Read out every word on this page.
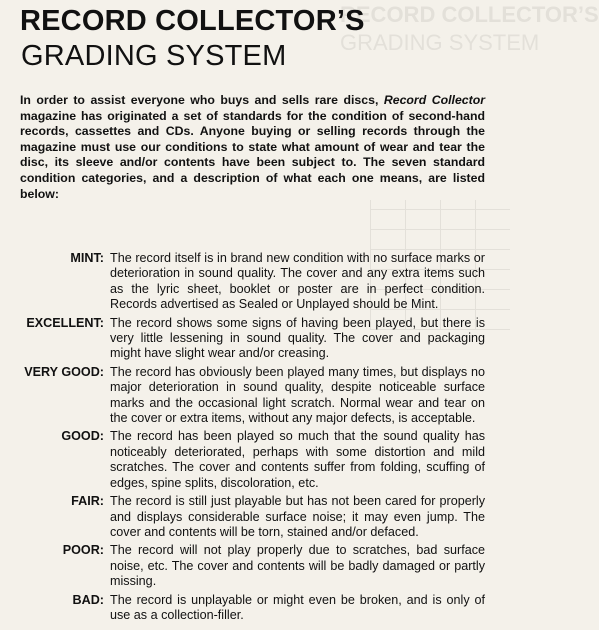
RECORD COLLECTOR’S
GRADING SYSTEM
RECORD COLLECTOR’S
GRADING SYSTEM
In order to assist everyone who buys and sells rare discs, Record Collector magazine has originated a set of standards for the condition of second-hand records, cassettes and CDs. Anyone buying or selling records through the magazine must use our conditions to state what amount of wear and tear the disc, its sleeve and/or contents have been subject to. The seven standard condition categories, and a description of what each one means, are listed below:
MINT: The record itself is in brand new condition with no surface marks or deterioration in sound quality. The cover and any extra items such as the lyric sheet, booklet or poster are in perfect condition. Records advertised as Sealed or Unplayed should be Mint.
EXCELLENT: The record shows some signs of having been played, but there is very little lessening in sound quality. The cover and packaging might have slight wear and/or creasing.
VERY GOOD: The record has obviously been played many times, but displays no major deterioration in sound quality, despite noticeable surface marks and the occasional light scratch. Normal wear and tear on the cover or extra items, without any major defects, is acceptable.
GOOD: The record has been played so much that the sound quality has noticeably deteriorated, perhaps with some distortion and mild scratches. The cover and contents suffer from folding, scuffing of edges, spine splits, discoloration, etc.
FAIR: The record is still just playable but has not been cared for properly and displays considerable surface noise; it may even jump. The cover and contents will be torn, stained and/or defaced.
POOR: The record will not play properly due to scratches, bad surface noise, etc. The cover and contents will be badly damaged or partly missing.
BAD: The record is unplayable or might even be broken, and is only of use as a collection-filler.
